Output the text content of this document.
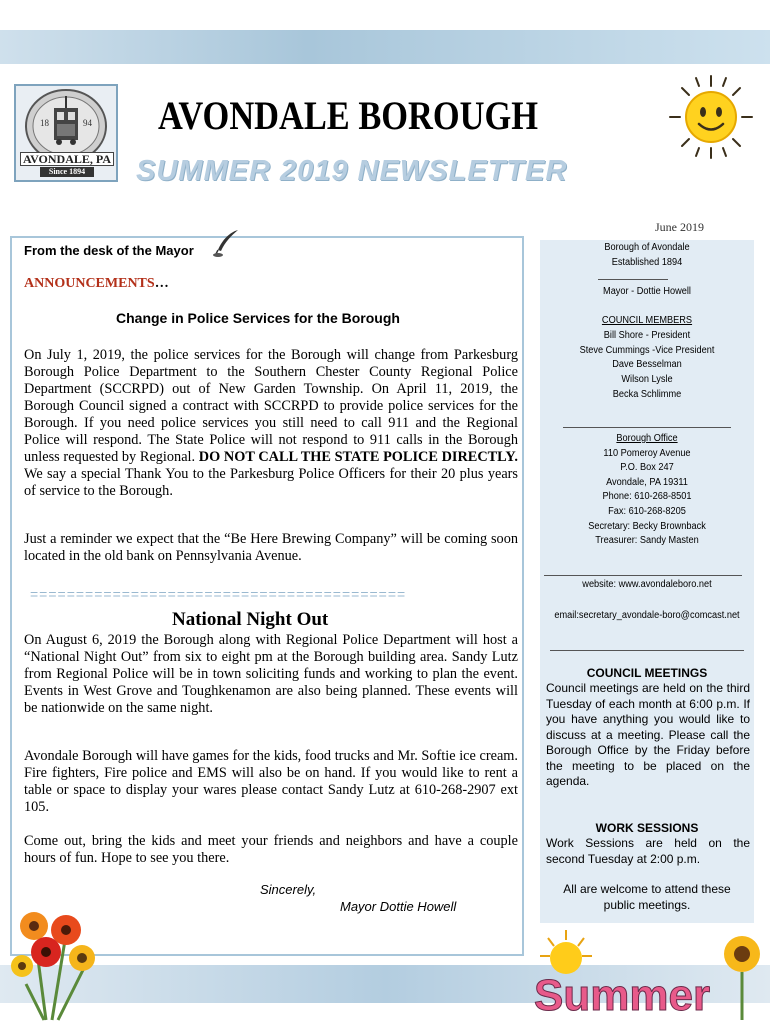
18	94
AVONDALE, PA
Since 1894
AVONDALE BOROUGH
SUMMER 2019 NEWSLETTER
June 2019
From the desk of the Mayor
ANNOUNCEMENTS…
Change in Police Services for the Borough

On July 1, 2019, the police services for the Borough will change from Parkesburg Borough Police Department to the Southern Chester County Regional Police Department (SCCRPD) out of New Garden Township. On April 11, 2019, the Borough Council signed a contract with SCCRPD to provide police services for the Borough. If you need police services you still need to call 911 and the Regional Police will respond. The State Police will not respond to 911 calls in the Borough unless requested by Regional. DO NOT CALL THE STATE POLICE DIRECTLY. We say a special Thank You to the Parkesburg Police Officers for their 20 plus years of service to the Borough.

Just a reminder we expect that the “Be Here Brewing Company” will be coming soon located in the old bank on Pennsylvania Avenue.

=========================================
National Night Out

On August 6, 2019 the Borough along with Regional Police Department will host a “National Night Out” from six to eight pm at the Borough building area. Sandy Lutz from Regional Police will be in town soliciting funds and working to plan the event. Events in West Grove and Toughkenamon are also being planned. These events will be nationwide on the same night.

Avondale Borough will have games for the kids, food trucks and Mr. Softie ice cream. Fire fighters, Fire police and EMS will also be on hand. If you would like to rent a table or space to display your wares please contact Sandy Lutz at 610-268-2907 ext 105.

Come out, bring the kids and meet your friends and neighbors and have a couple hours of fun. Hope to see you there.

Sincerely,
Mayor Dottie Howell
Borough of Avondale
Established 1894
Mayor - Dottie Howell
COUNCIL MEMBERS
Bill Shore - President
Steve Cummings -Vice President
Dave Besselman
Wilson Lysle
Becka Schlimme
Borough Office
110 Pomeroy Avenue
P.O. Box 247
Avondale, PA 19311
Phone: 610-268-8501
Fax: 610-268-8205
Secretary: Becky Brownback
Treasurer: Sandy Masten
website: www.avondaleboro.net
email:secretary_avondale-boro@comcast.net
COUNCIL MEETINGS
Council meetings are held on the third Tuesday of each month at 6:00 p.m. If you have anything you would like to discuss at a meeting. Please call the Borough Office by the Friday before the meeting to be placed on the agenda.
WORK SESSIONS
Work Sessions are held on the second Tuesday at 2:00 p.m.
All are welcome to attend these
public meetings.
Summer
